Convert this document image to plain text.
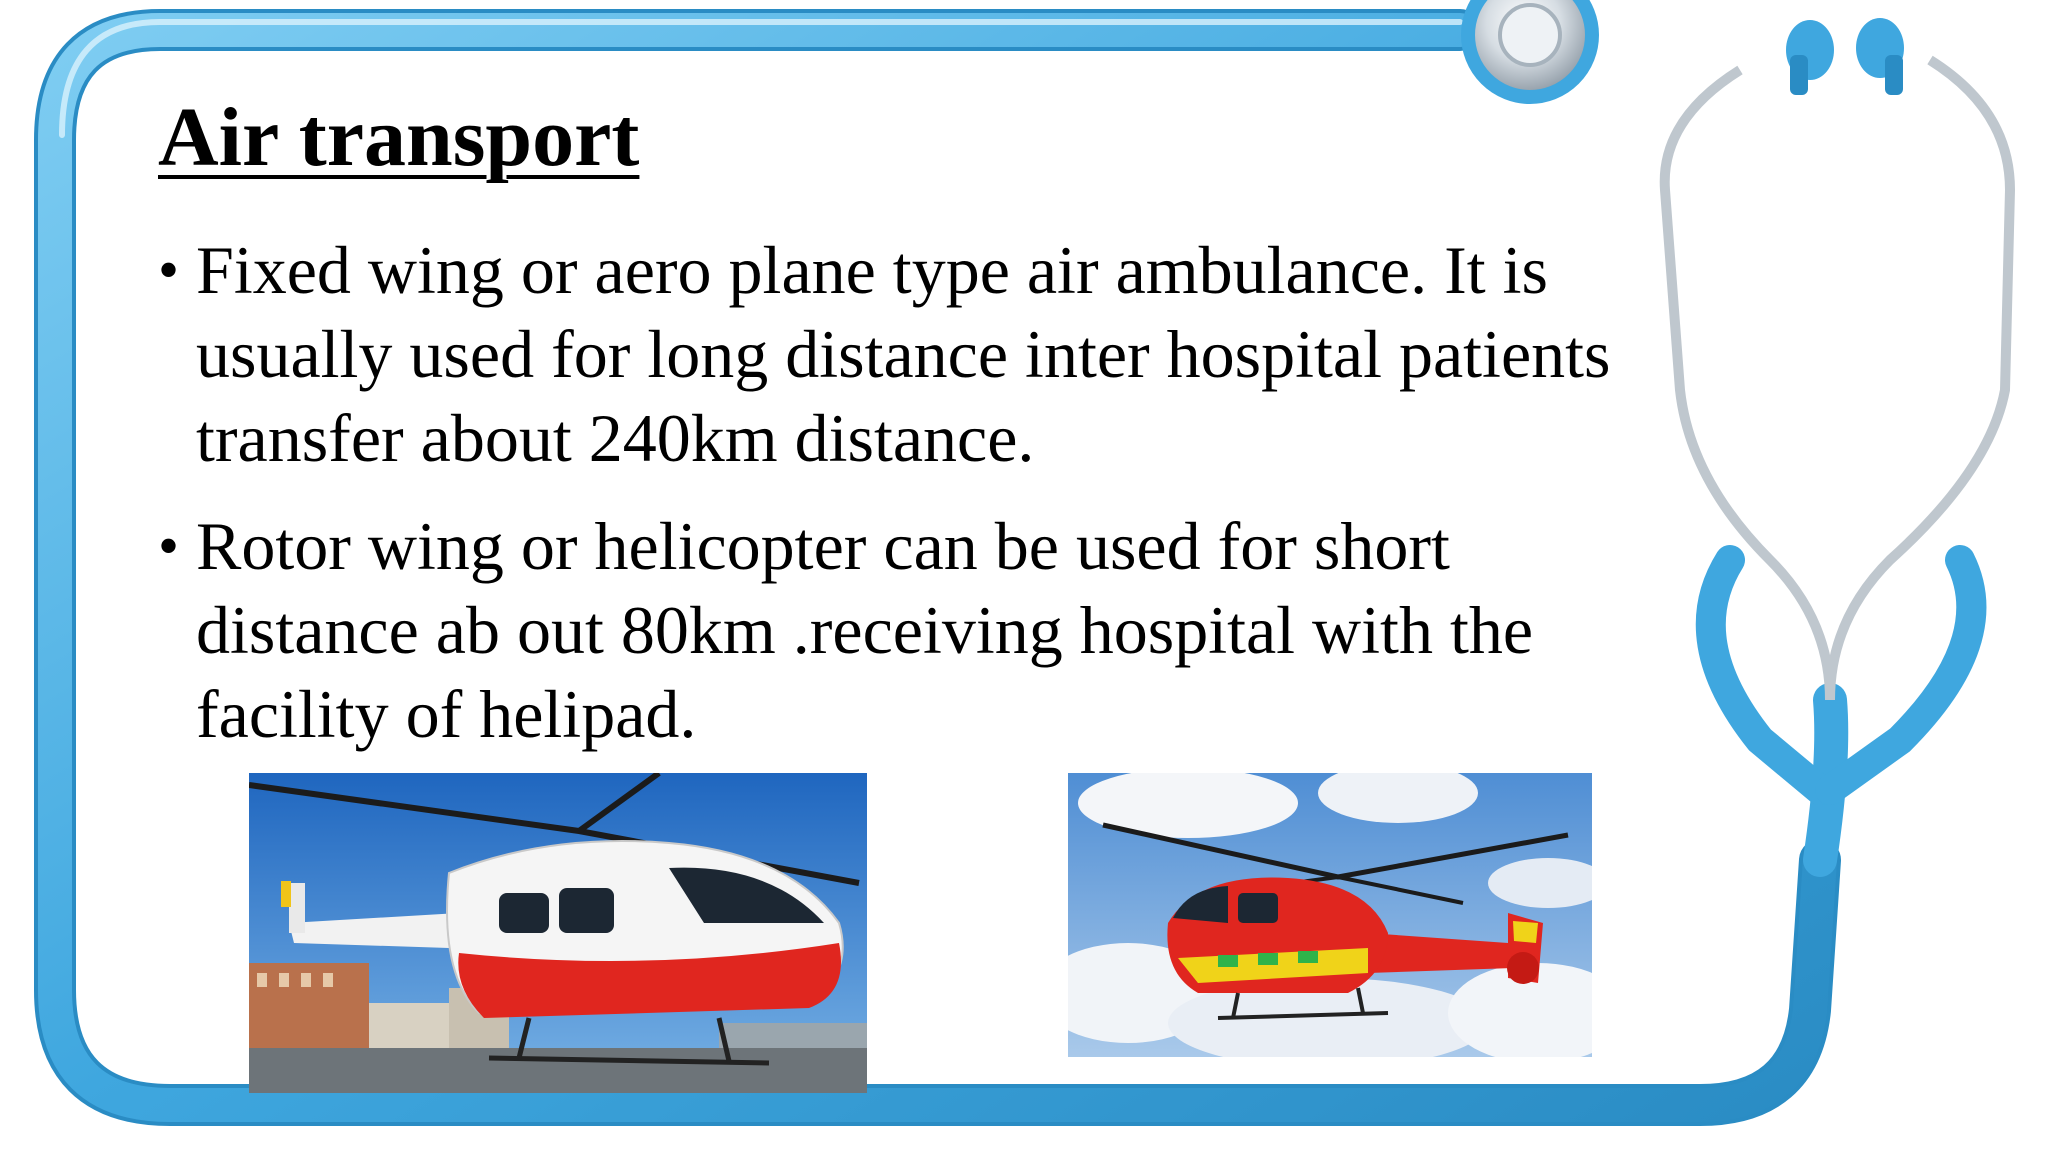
Air transport
• Fixed wing or aero plane type air ambulance. It is
usually used for long distance inter hospital patients
transfer about 240km distance.
• Rotor wing or helicopter can be used for short
distance ab out 80km .receiving hospital with the
facility of helipad.
